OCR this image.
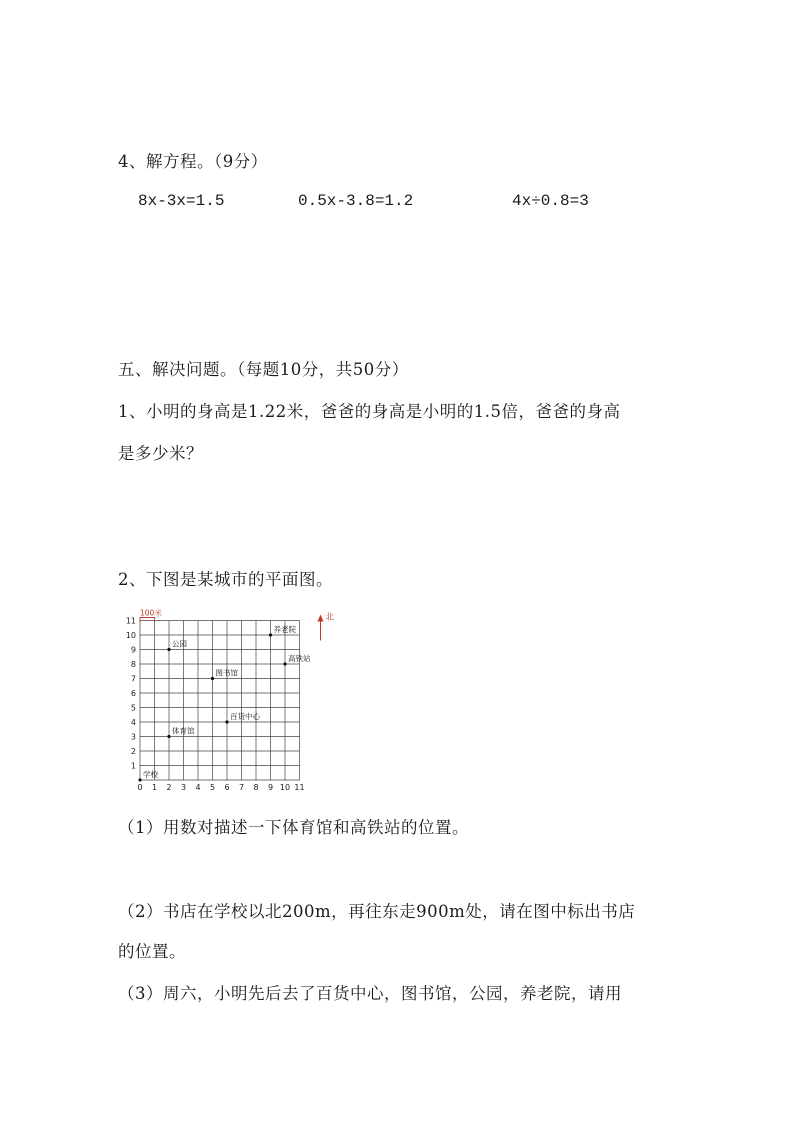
4、解方程。（9分）
8x-3x=1.5	0.5x-3.8=1.2	4x÷0.8=3
五、解决问题。（每题10分，共50分）
1、小明的身高是1.22米，爸爸的身高是小明的1.5倍，爸爸的身高
是多少米？
2、下图是某城市的平面图。
0 1 2 3 4 5 6 7 8 9 10 11
1
2
3
4
5
6
7
8
9
10
11
100米	北
学校
体育馆
百货中心
图书馆
公园
高铁站
养老院
（1）用数对描述一下体育馆和高铁站的位置。
（2）书店在学校以北200m，再往东走900m处，请在图中标出书店
的位置。
（3）周六，小明先后去了百货中心，图书馆，公园，养老院，请用
